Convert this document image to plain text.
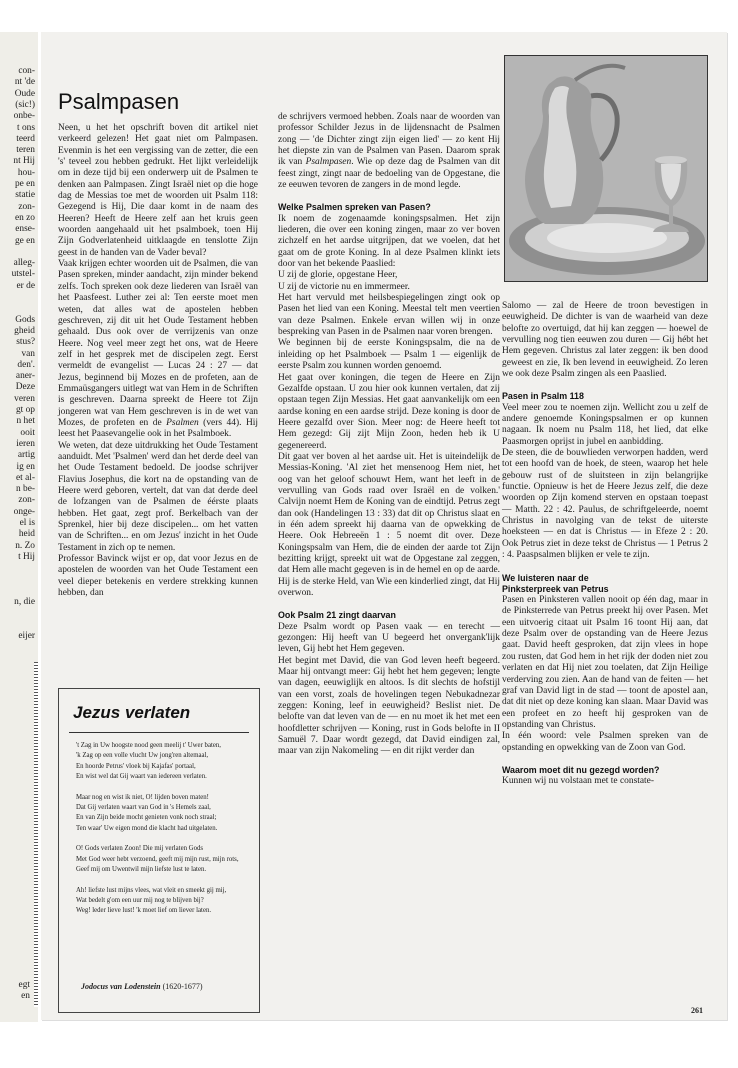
con-
nt 'de
Oude
(sic!)
onbe-
t ons
teerd
teren
nt Hij
hou-
pe en
statie
zon-
en zo
ense-
ge en
alleg-
utstel-
er de
Gods
gheid
stus?
van
den'.
aner-
Deze
veren
gt op
n het
ooit
ieren
artig
ig en
et al-
n be-
zon-
onge-
el is
heid
n. Zo
t Hij
n, die
eijer
egt
en
Psalmpasen

Neen, u het het opschrift boven dit artikel niet verkeerd gelezen! Het gaat niet om Palmpasen. Evenmin is het een vergissing van de zetter, die een 's' teveel zou hebben gedrukt. Het lijkt verleidelijk om in deze tijd bij een onderwerp uit de Psalmen te denken aan Palmpasen. Zingt Israël niet op die hoge dag de Messias toe met de woorden uit Psalm 118: Gezegend is Hij, Die daar komt in de naam des Heeren? Heeft de Heere zelf aan het kruis geen woorden aangehaald uit het psalmboek, toen Hij Zijn Godverlatenheid uitklaagde en tenslotte Zijn geest in de handen van de Vader beval?

Vaak krijgen echter woorden uit de Psalmen, die van Pasen spreken, minder aandacht, zijn minder bekend zelfs. Toch spreken ook deze liederen van Israël van het Paasfeest. Luther zei al: Ten eerste moet men weten, dat alles wat de apostelen hebben geschreven, zij dit uit het Oude Testament hebben gehaald. Dus ook over de verrijzenis van onze Heere. Nog veel meer zegt het ons, wat de Heere zelf in het gesprek met de discipelen zegt. Eerst vermeldt de evangelist — Lucas 24 : 27 — dat Jezus, beginnend bij Mozes en de profeten, aan de Emmaüsgangers uitlegt wat van Hem in de Schriften is geschreven. Daarna spreekt de Heere tot Zijn jongeren wat van Hem geschreven is in de wet van Mozes, de profeten en de Psalmen (vers 44). Hij leest het Paasevangelie ook in het Psalmboek.

We weten, dat deze uitdrukking het Oude Testament aanduidt. Met 'Psalmen' werd dan het derde deel van het Oude Testament bedoeld. De joodse schrijver Flavius Josephus, die kort na de opstanding van de Heere werd geboren, vertelt, dat van dat derde deel de lofzangen van de Psalmen de éérste plaats hebben. Het gaat, zegt prof. Berkelbach van der Sprenkel, hier bij deze discipelen... om het vatten van de Schriften... en om Jezus' inzicht in het Oude Testament in zich op te nemen.

Professor Bavinck wijst er op, dat voor Jezus en de apostelen de woorden van het Oude Testament een veel dieper betekenis en verdere strekking kunnen hebben, dan

Jezus verlaten
't Zag in Uw hoogste nood geen meelij t' Uwer baten,
'k Zag op een volle vlucht Uw jong'ren altemaal,
En hoorde Petrus' vloek bij Kajafas' portaal,
En wist wel dat Gij waart van iedereen verlaten.
Maar nog en wist ik niet, O! lijden boven maten!
Dat Gij verlaten waart van God in 's Hemels zaal,
En van Zijn beide mocht genieten vonk noch straal;
Ten waar' Uw eigen mond die klacht had uitgelaten.
O! Gods verlaten Zoon! Die mij verlaten Gods
Met God weer hebt verzoend, geeft mij mijn rust, mijn rots,
Geef mij om Uwentwil mijn liefste lust te laten.
Ah! liefste lust mijns vlees, wat vleit en smeekt gij mij,
Wat bedelt g'om een uur mij nog te blijven bij?
Weg! leder lieve lust! 'k moet lief om liever laten.
Jodocus van Lodenstein (1620-1677)

de schrijvers vermoed hebben. Zoals naar de woorden van professor Schilder Jezus in de lijdensnacht de Psalmen zong — 'de Dichter zingt zijn eigen lied' — zo kent Hij het diepste zin van de Psalmen van Pasen. Daarom sprak ik van Psalmpasen. Wie op deze dag de Psalmen van dit feest zingt, zingt naar de bedoeling van de Opgestane, die ze eeuwen tevoren de zangers in de mond legde.

Welke Psalmen spreken van Pasen?

Ik noem de zogenaamde koningspsalmen. Het zijn liederen, die over een koning zingen, maar zo ver boven zichzelf en het aardse uitgrijpen, dat we voelen, dat het gaat om de grote Koning. In al deze Psalmen klinkt iets door van het bekende Paaslied:

U zij de glorie, opgestane Heer,

U zij de victorie nu en immermeer.

Het hart vervuld met heilsbespiegelingen zingt ook op Pasen het lied van een Koning. Meestal telt men veertien van deze Psalmen. Enkele ervan willen wij in onze bespreking van Pasen in de Psalmen naar voren brengen.

We beginnen bij de eerste Koningspsalm, die na de inleiding op het Psalmboek — Psalm 1 — eigenlijk de eerste Psalm zou kunnen worden genoemd.

Het gaat over koningen, die tegen de Heere en Zijn Gezalfde opstaan. U zou hier ook kunnen vertalen, dat zij opstaan tegen Zijn Messias. Het gaat aanvankelijk om een aardse koning en een aardse strijd. Deze koning is door de Heere gezalfd over Sion. Meer nog: de Heere heeft tot Hem gezegd: Gij zijt Mijn Zoon, heden heb ik U gegenereerd.

Dit gaat ver boven al het aardse uit. Het is uiteindelijk de Messias-Koning. 'Al ziet het mensenoog Hem niet, het oog van het geloof schouwt Hem, want het leeft in de vervulling van Gods raad over Israël en de volken.' Calvijn noemt Hem de Koning van de eindtijd. Petrus zegt dan ook (Handelingen 13 : 33) dat dit op Christus slaat en in één adem spreekt hij daarna van de opwekking de Heere. Ook Hebreeën 1 : 5 noemt dit over. Deze Koningspsalm van Hem, die de einden der aarde tot Zijn bezitting krijgt, spreekt uit wat de Opgestane zal zeggen, dat Hem alle macht gegeven is in de hemel en op de aarde. Hij is de sterke Held, van Wie een kinderlied zingt, dat Hij overwon.

Ook Psalm 21 zingt daarvan

Deze Psalm wordt op Pasen vaak — en terecht — gezongen: Hij heeft van U begeerd het onvergank'lijk leven, Gij hebt het Hem gegeven.

Het begint met David, die van God leven heeft begeerd. Maar hij ontvangt meer: Gij hebt het hem gegeven; lengte van dagen, eeuwiglijk en altoos. Is dit slechts de hofstijl van een vorst, zoals de hovelingen tegen Nebukadnezar zeggen: Koning, leef in eeuwigheid? Beslist niet. De belofte van dat leven van de — en nu moet ik het met een hoofdletter schrijven — Koning, rust in Gods belofte in II Samuël 7. Daar wordt gezegd, dat David eindigen zal, maar van zijn Nakomeling — en dit rijkt verder dan

Salomo — zal de Heere de troon bevestigen in eeuwigheid. De dichter is van de waarheid van deze belofte zo overtuigd, dat hij kan zeggen — hoewel de vervulling nog tien eeuwen zou duren — Gij hébt het Hem gegeven. Christus zal later zeggen: ik ben dood geweest en zie, Ik ben levend in eeuwigheid. Zo leren we ook deze Psalm zingen als een Paaslied.

Pasen in Psalm 118

Veel meer zou te noemen zijn. Wellicht zou u zelf de andere genoemde Koningspsalmen er op kunnen nagaan. Ik noem nu Psalm 118, het lied, dat elke Paasmorgen oprijst in jubel en aanbidding.

De steen, die de bouwlieden verworpen hadden, werd tot een hoofd van de hoek, de steen, waarop het hele gebouw rust of de sluitsteen in zijn belangrijke functie. Opnieuw is het de Heere Jezus zelf, die deze woorden op Zijn komend sterven en opstaan toepast — Matth. 22 : 42. Paulus, de schriftgeleerde, noemt Christus in navolging van de tekst de uiterste hoeksteen — en dat is Christus — in Efeze 2 : 20. Ook Petrus ziet in deze tekst de Christus — 1 Petrus 2 : 4. Paaspsalmen blijken er vele te zijn.

We luisteren naar de
Pinksterpreek van Petrus

Pasen en Pinksteren vallen nooit op één dag, maar in de Pinksterrede van Petrus preekt hij over Pasen. Met een uitvoerig citaat uit Psalm 16 toont Hij aan, dat deze Psalm over de opstanding van de Heere Jezus gaat. David heeft gesproken, dat zijn vlees in hope zou rusten, dat God hem in het rijk der doden niet zou verlaten en dat Hij niet zou toelaten, dat Zijn Heilige verderving zou zien. Aan de hand van de feiten — het graf van David ligt in de stad — toont de apostel aan, dat dit niet op deze koning kan slaan. Maar David was een profeet en zo heeft hij gesproken van de opstanding van Christus.

In één woord: vele Psalmen spreken van de opstanding en opwekking van de Zoon van God.

Waarom moet dit nu gezegd worden?

Kunnen wij nu volstaan met te constate-

261
